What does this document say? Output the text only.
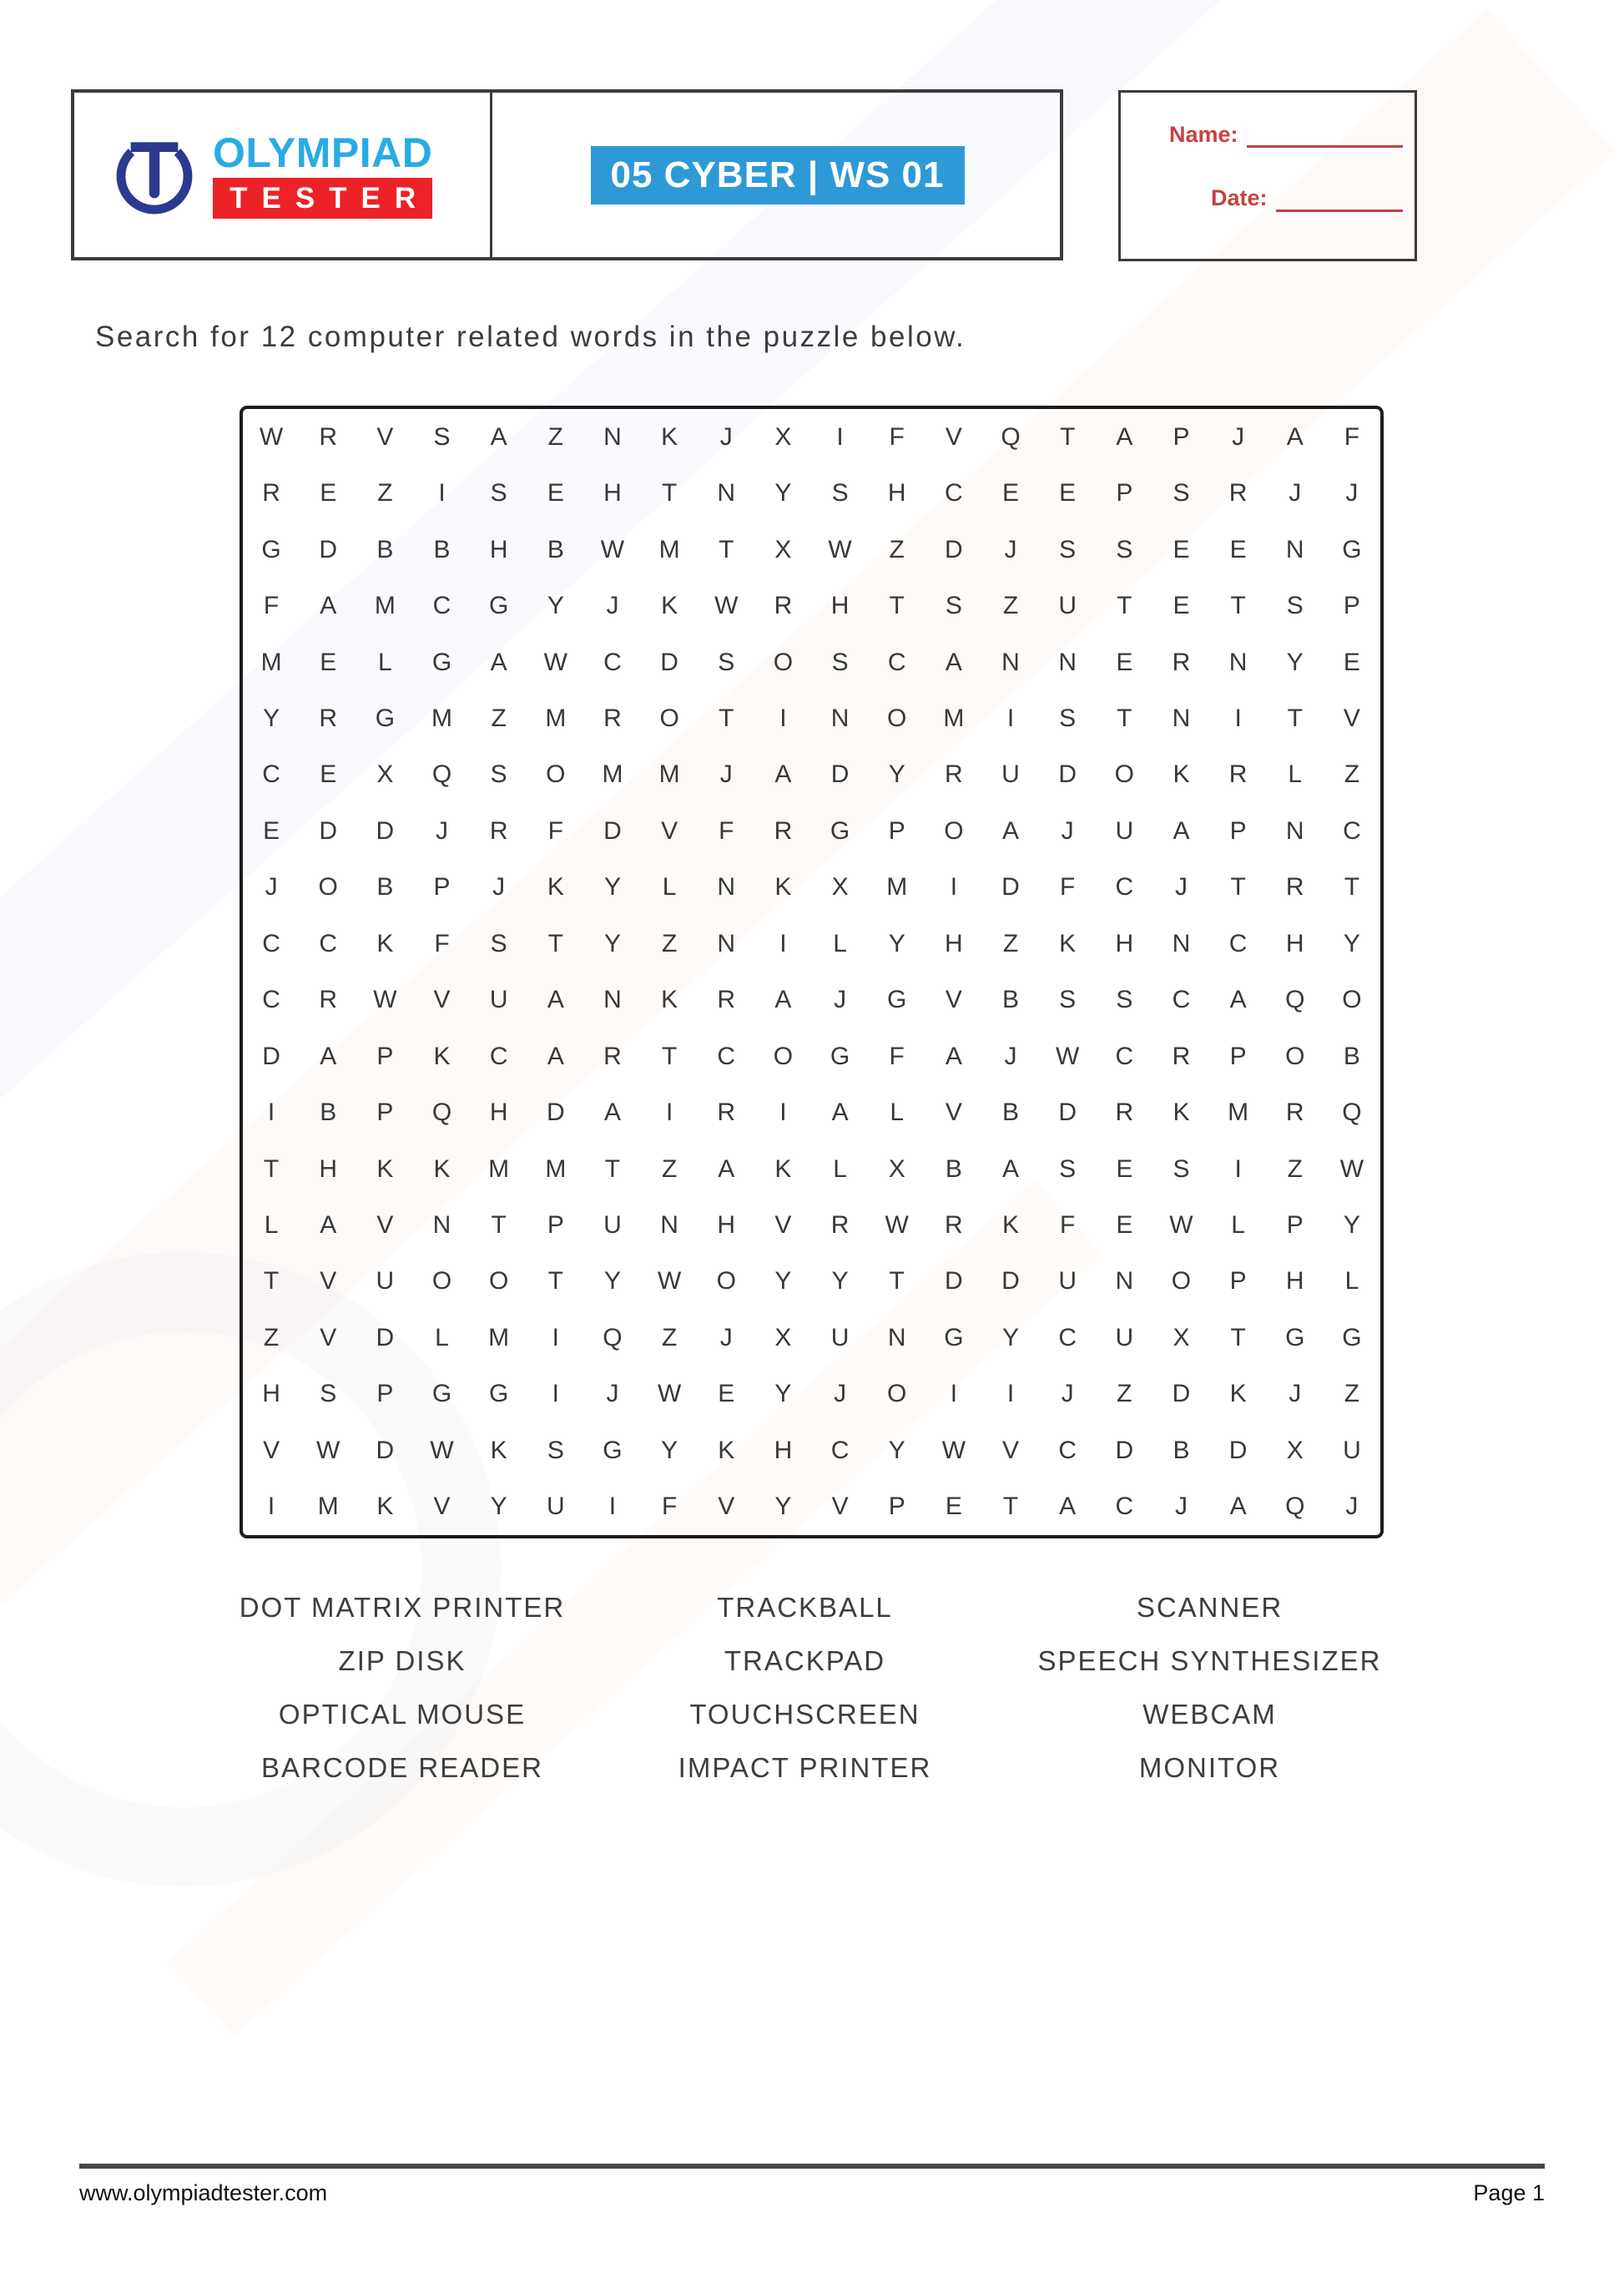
OLYMPIAD
TESTER
05 CYBER | WS 01
Name:
Date:
Search for 12 computer related words in the puzzle below.
W	R	V	S	A	Z	N	K	J	X	I	F	V	Q	T	A	P	J	A	F
R	E	Z	I	S	E	H	T	N	Y	S	H	C	E	E	P	S	R	J	J
G	D	B	B	H	B	W	M	T	X	W	Z	D	J	S	S	E	E	N	G
F	A	M	C	G	Y	J	K	W	R	H	T	S	Z	U	T	E	T	S	P
M	E	L	G	A	W	C	D	S	O	S	C	A	N	N	E	R	N	Y	E
Y	R	G	M	Z	M	R	O	T	I	N	O	M	I	S	T	N	I	T	V
C	E	X	Q	S	O	M	M	J	A	D	Y	R	U	D	O	K	R	L	Z
E	D	D	J	R	F	D	V	F	R	G	P	O	A	J	U	A	P	N	C
J	O	B	P	J	K	Y	L	N	K	X	M	I	D	F	C	J	T	R	T
C	C	K	F	S	T	Y	Z	N	I	L	Y	H	Z	K	H	N	C	H	Y
C	R	W	V	U	A	N	K	R	A	J	G	V	B	S	S	C	A	Q	O
D	A	P	K	C	A	R	T	C	O	G	F	A	J	W	C	R	P	O	B
I	B	P	Q	H	D	A	I	R	I	A	L	V	B	D	R	K	M	R	Q
T	H	K	K	M	M	T	Z	A	K	L	X	B	A	S	E	S	I	Z	W
L	A	V	N	T	P	U	N	H	V	R	W	R	K	F	E	W	L	P	Y
T	V	U	O	O	T	Y	W	O	Y	Y	T	D	D	U	N	O	P	H	L
Z	V	D	L	M	I	Q	Z	J	X	U	N	G	Y	C	U	X	T	G	G
H	S	P	G	G	I	J	W	E	Y	J	O	I	I	J	Z	D	K	J	Z
V	W	D	W	K	S	G	Y	K	H	C	Y	W	V	C	D	B	D	X	U
I	M	K	V	Y	U	I	F	V	Y	V	P	E	T	A	C	J	A	Q	J
DOT MATRIX PRINTER
ZIP DISK
OPTICAL MOUSE
BARCODE READER
TRACKBALL
TRACKPAD
TOUCHSCREEN
IMPACT PRINTER
SCANNER
SPEECH SYNTHESIZER
WEBCAM
MONITOR
www.olympiadtester.com	Page 1
